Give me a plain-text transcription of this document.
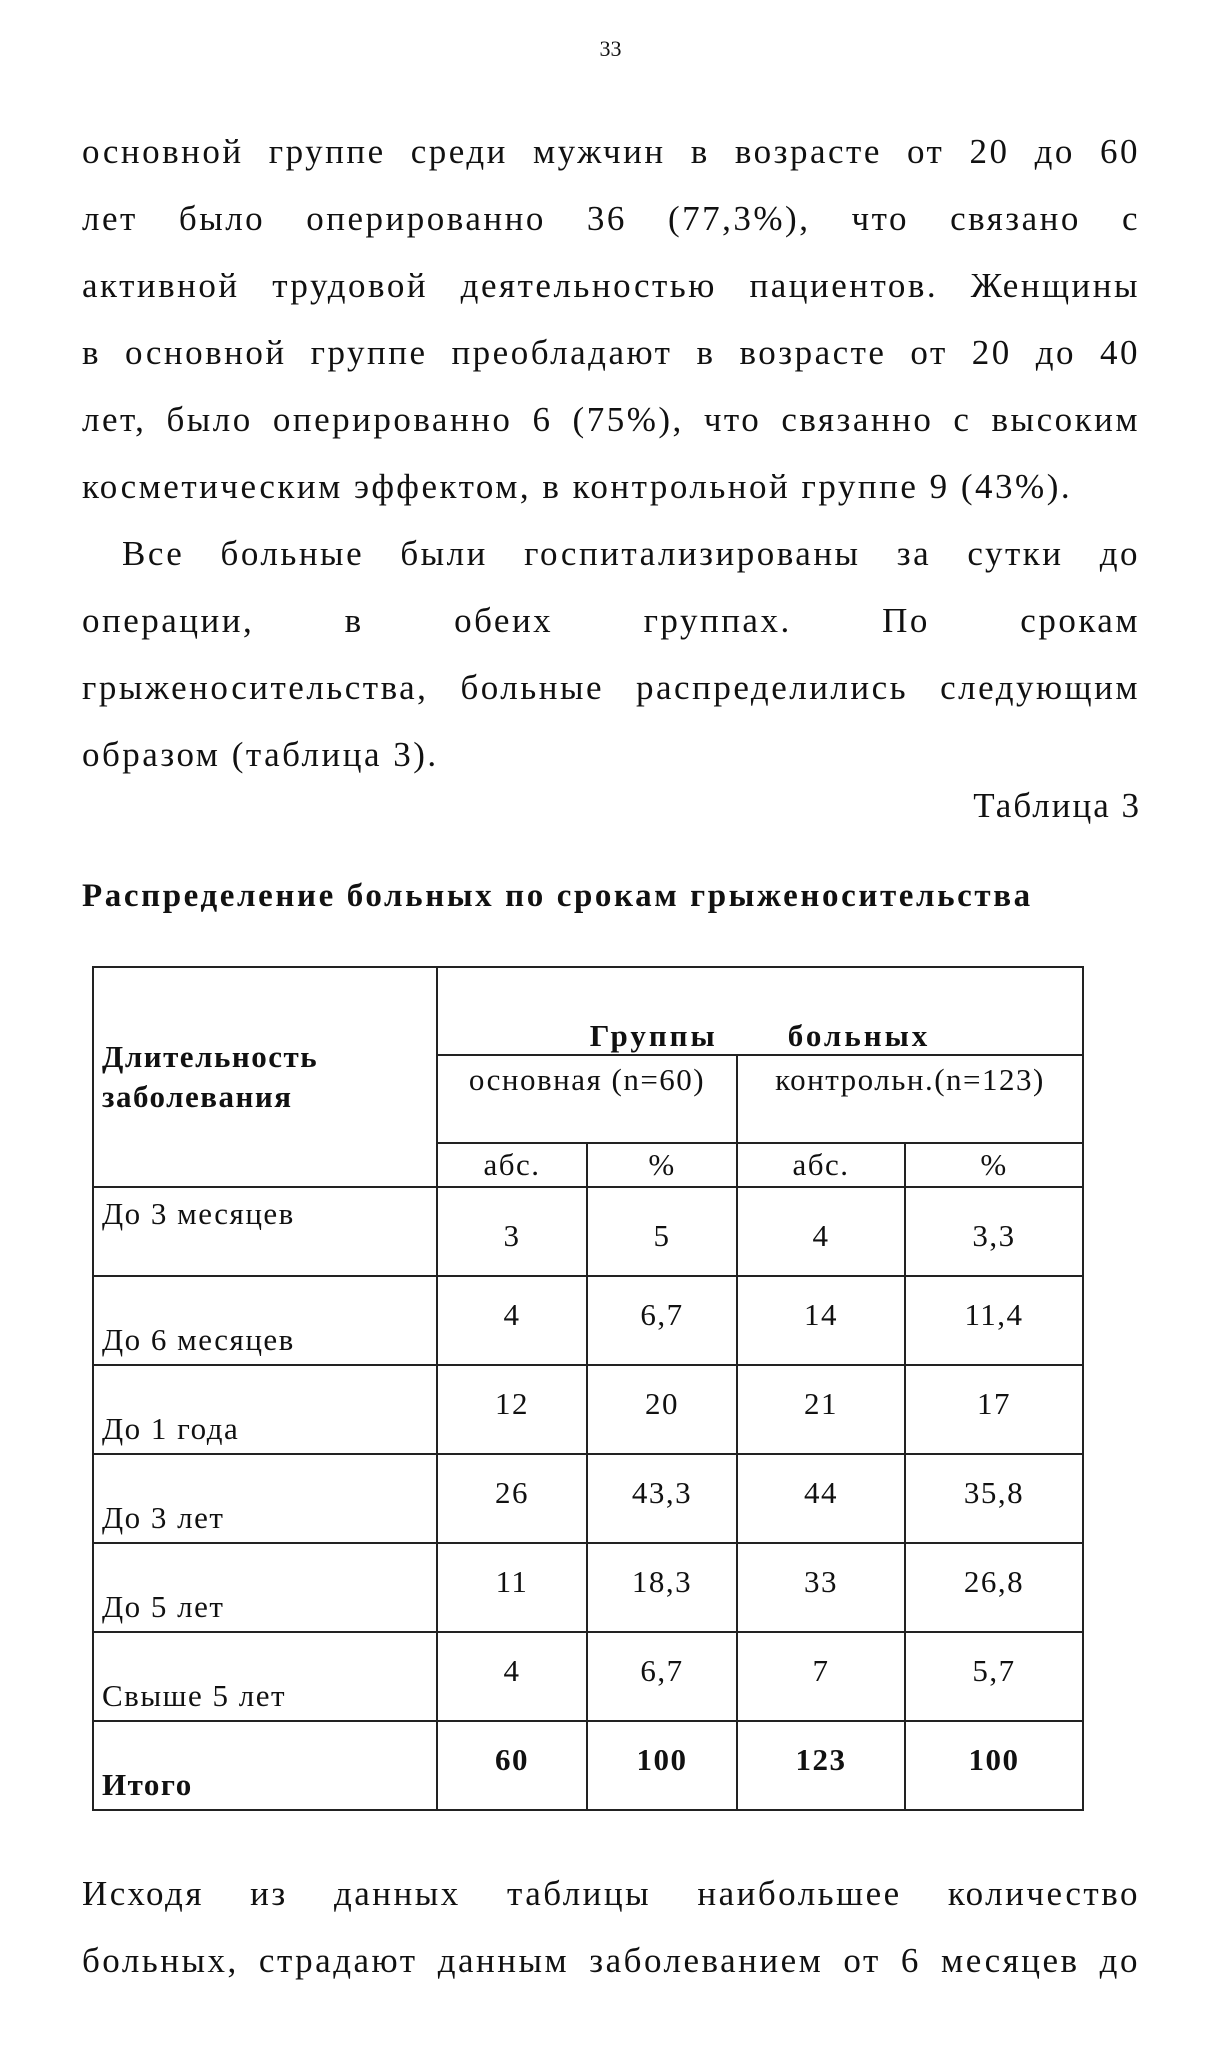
33
основной группе среди мужчин в возрасте от 20 до 60
лет было оперированно 36 (77,3%), что связано с
активной трудовой деятельностью пациентов. Женщины
в основной группе преобладают в возрасте от 20 до 40
лет, было оперированно 6 (75%), что связанно с высоким
косметическим эффектом, в контрольной группе 9 (43%).
Все больные были госпитализированы за сутки до
операции, в обеих группах. По срокам
грыженосительства, больные распределились следующим
образом (таблица 3).
Таблица 3
Распределение больных по срокам грыженосительства
Длительность
заболевания	Группы больных			
	основная (n=60)		контрольн.(n=123)	
	абс.	%	абс.	%
До 3 месяцев	3	5	4	3,3
До 6 месяцев	4	6,7	14	11,4
До 1 года	12	20	21	17
До 3 лет	26	43,3	44	35,8
До 5 лет	11	18,3	33	26,8
Свыше 5 лет	4	6,7	7	5,7
Итого	60	100	123	100
Исходя из данных таблицы наибольшее количество
больных, страдают данным заболеванием от 6 месяцев до
